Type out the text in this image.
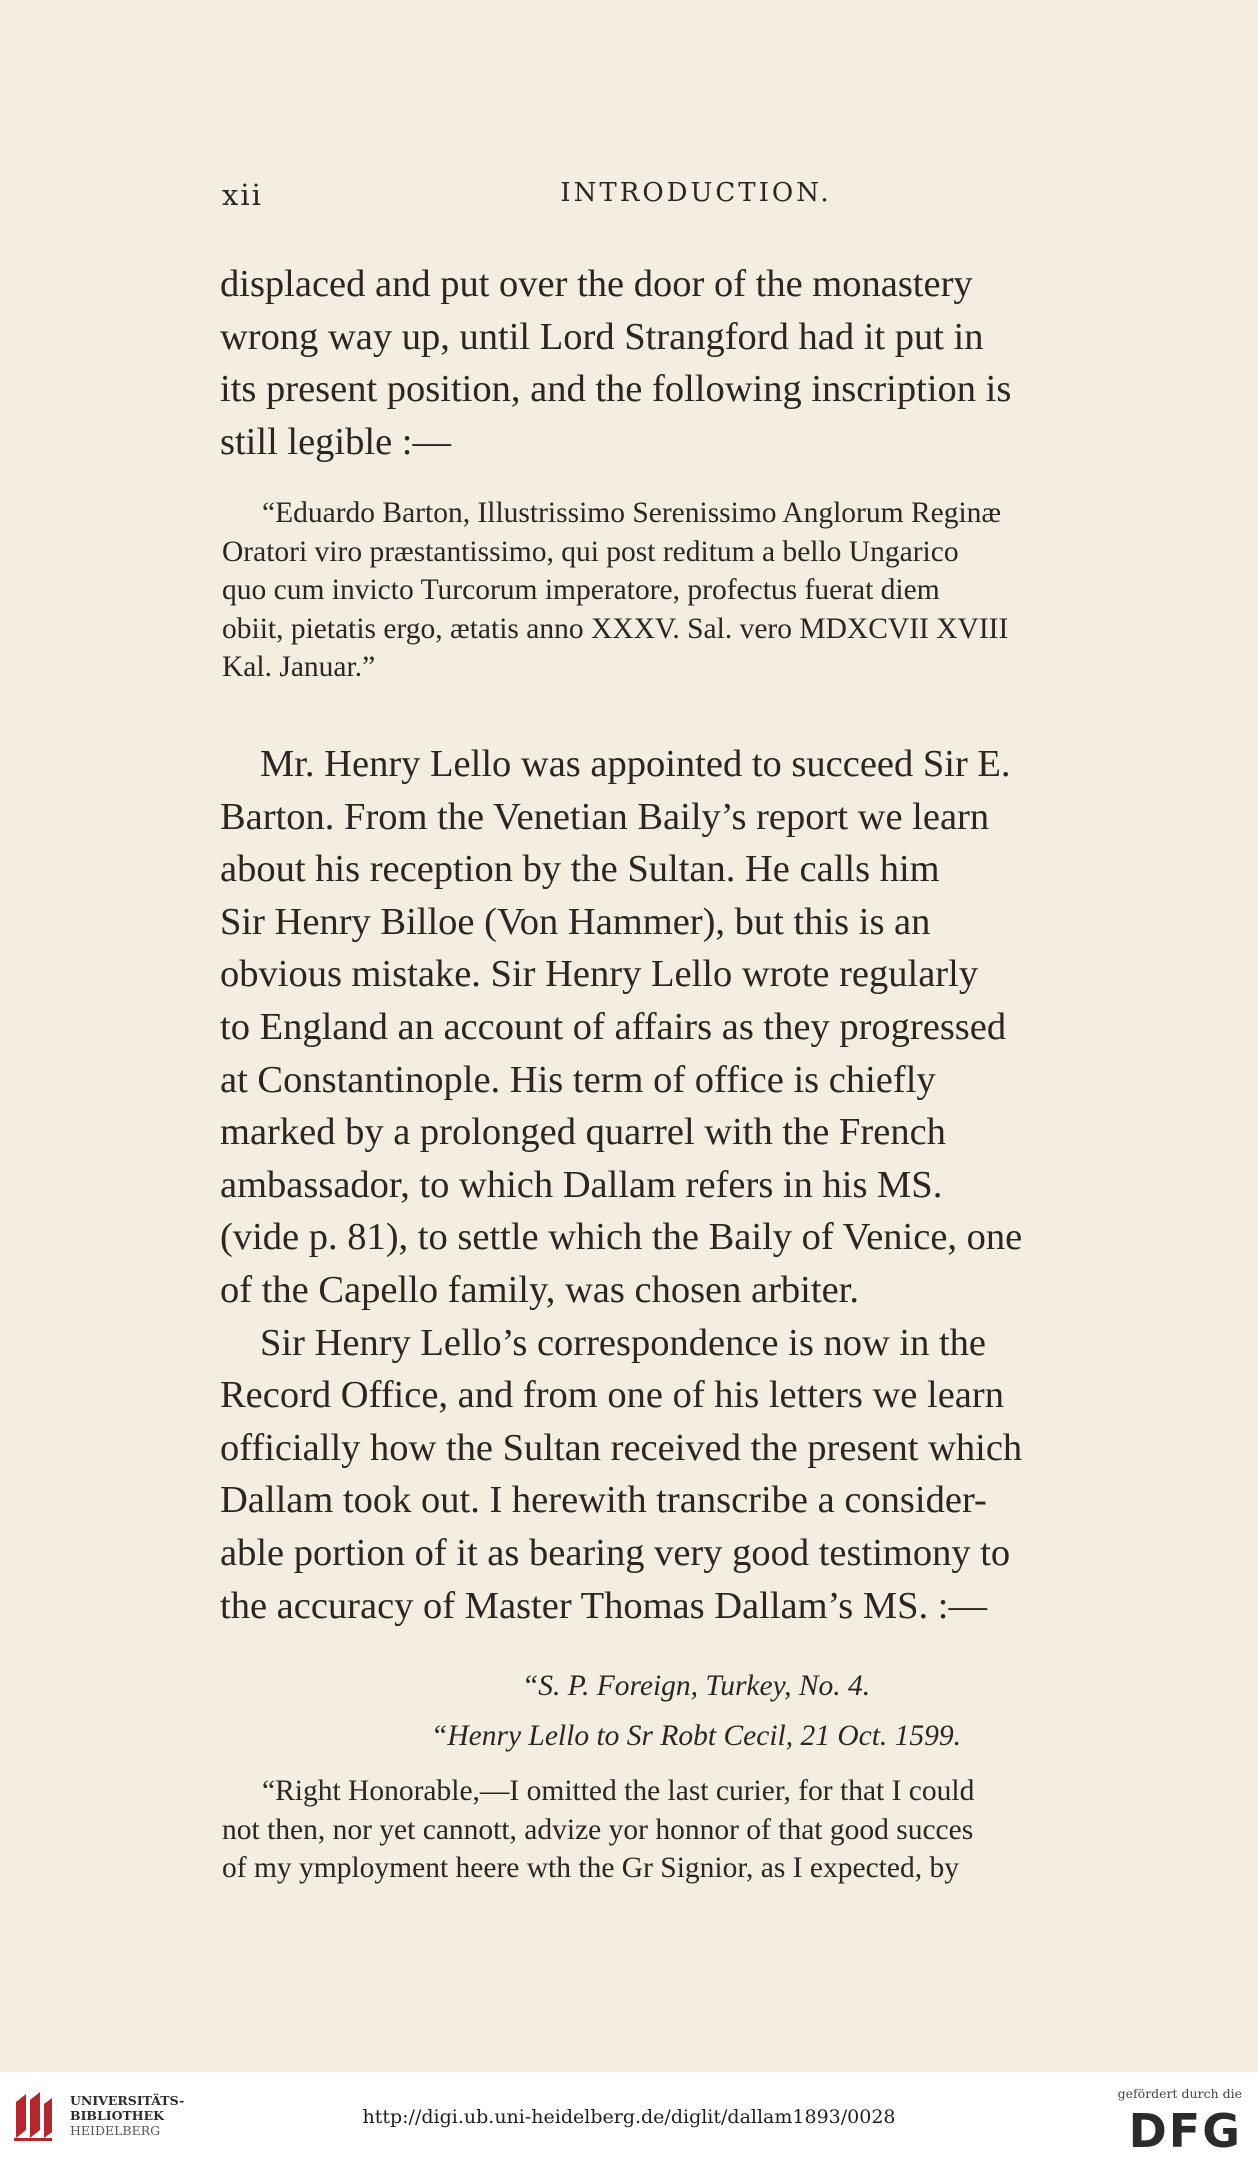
xii	INTRODUCTION.

displaced and put over the door of the monastery

wrong way up, until Lord Strangford had it put in

its present position, and the following inscription is

still legible :—

“Eduardo Barton, Illustrissimo Serenissimo Anglorum Reginæ

Oratori viro præstantissimo, qui post reditum a bello Ungarico

quo cum invicto Turcorum imperatore, profectus fuerat diem

obiit, pietatis ergo, ætatis anno XXXV. Sal. vero MDXCVII XVIII

Kal. Januar.”

Mr. Henry Lello was appointed to succeed Sir E.

Barton. From the Venetian Baily’s report we learn

about his reception by the Sultan. He calls him

Sir Henry Billoe (Von Hammer), but this is an

obvious mistake. Sir Henry Lello wrote regularly

to England an account of affairs as they progressed

at Constantinople. His term of office is chiefly

marked by a prolonged quarrel with the French

ambassador, to which Dallam refers in his MS.

(vide p. 81), to settle which the Baily of Venice, one

of the Capello family, was chosen arbiter.

Sir Henry Lello’s correspondence is now in the

Record Office, and from one of his letters we learn

officially how the Sultan received the present which

Dallam took out. I herewith transcribe a consider-

able portion of it as bearing very good testimony to

the accuracy of Master Thomas Dallam’s MS. :—

“S. P. Foreign, Turkey, No. 4.
“Henry Lello to Sr Robt Cecil, 21 Oct. 1599.

“Right Honorable,—I omitted the last curier, for that I could

not then, nor yet cannott, advize yor honnor of that good succes

of my ymployment heere wth the Gr Signior, as I expected, by

UNIVERSITÄTS-
BIBLIOTHEK
HEIDELBERG
http://digi.ub.uni-heidelberg.de/diglit/dallam1893/0028
gefördert durch die
DFG
